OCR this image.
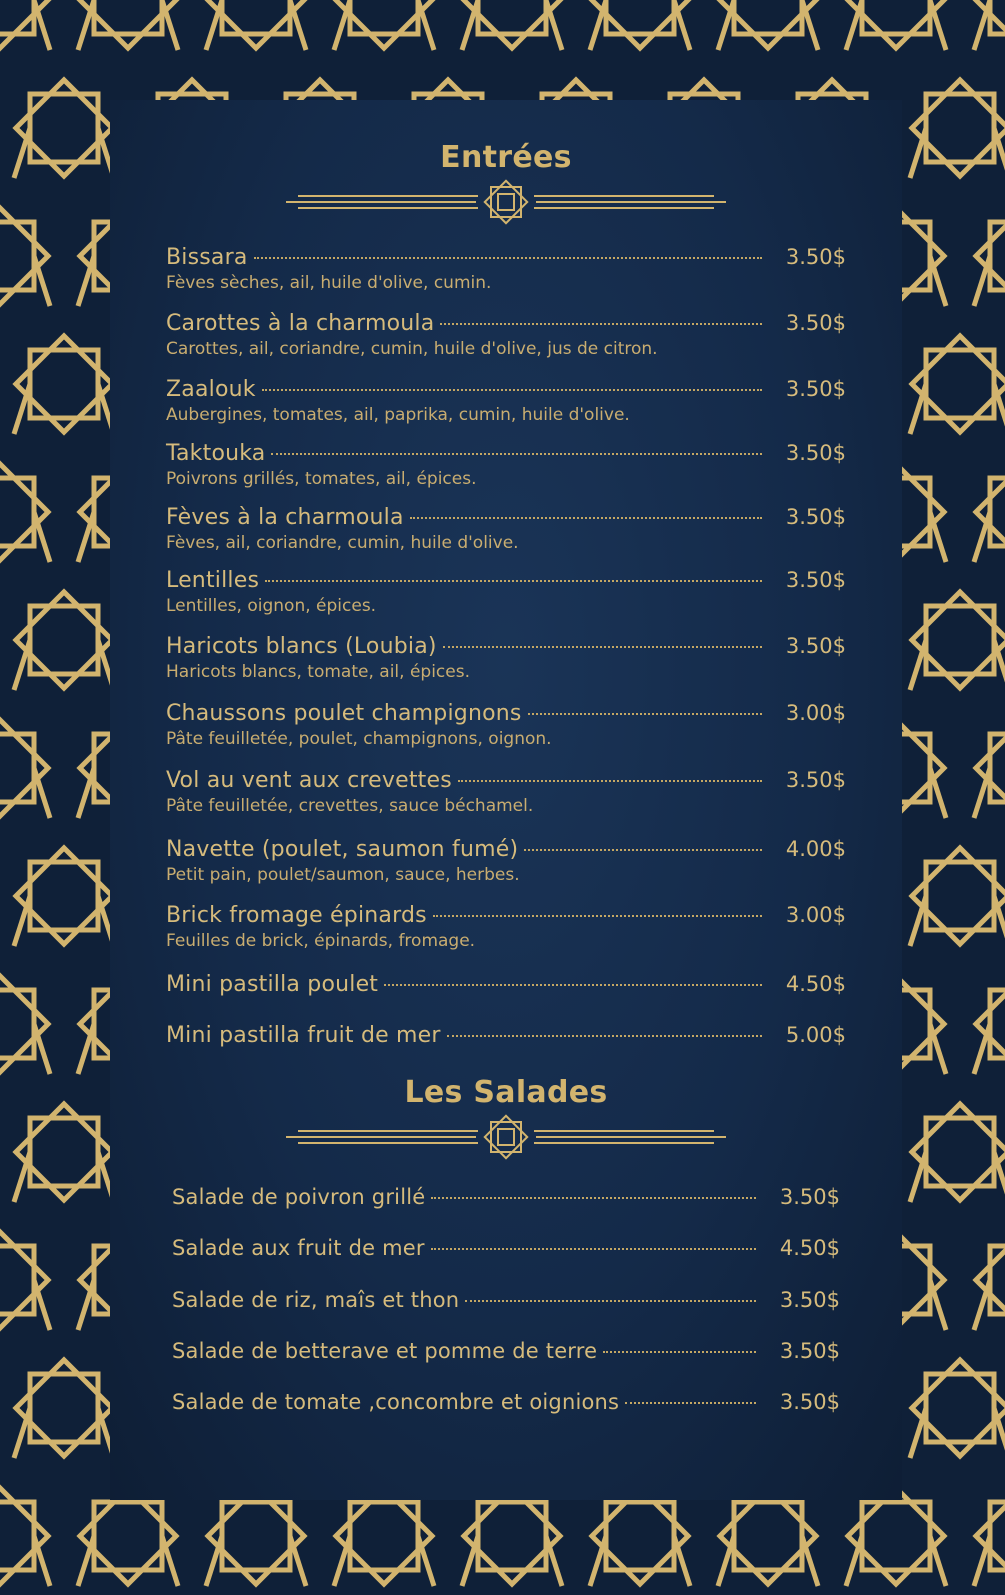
Entrées
Bissara	3.50$
Fèves sèches, ail, huile d'olive, cumin.
Carottes à la charmoula	3.50$
Carottes, ail, coriandre, cumin, huile d'olive, jus de citron.
Zaalouk	3.50$
Aubergines, tomates, ail, paprika, cumin, huile d'olive.
Taktouka	3.50$
Poivrons grillés, tomates, ail, épices.
Fèves à la charmoula	3.50$
Fèves, ail, coriandre, cumin, huile d'olive.
Lentilles	3.50$
Lentilles, oignon, épices.
Haricots blancs (Loubia)	3.50$
Haricots blancs, tomate, ail, épices.
Chaussons poulet champignons	3.00$
Pâte feuilletée, poulet, champignons, oignon.
Vol au vent aux crevettes	3.50$
Pâte feuilletée, crevettes, sauce béchamel.
Navette (poulet, saumon fumé)	4.00$
Petit pain, poulet/saumon, sauce, herbes.
Brick fromage épinards	3.00$
Feuilles de brick, épinards, fromage.
Mini pastilla poulet	4.50$
Mini pastilla fruit de mer	5.00$
Les Salades
Salade de poivron grillé	3.50$
Salade aux fruit de mer	4.50$
Salade de riz, maîs et thon	3.50$
Salade de betterave et pomme de terre	3.50$
Salade de tomate ,concombre et oignions	3.50$
